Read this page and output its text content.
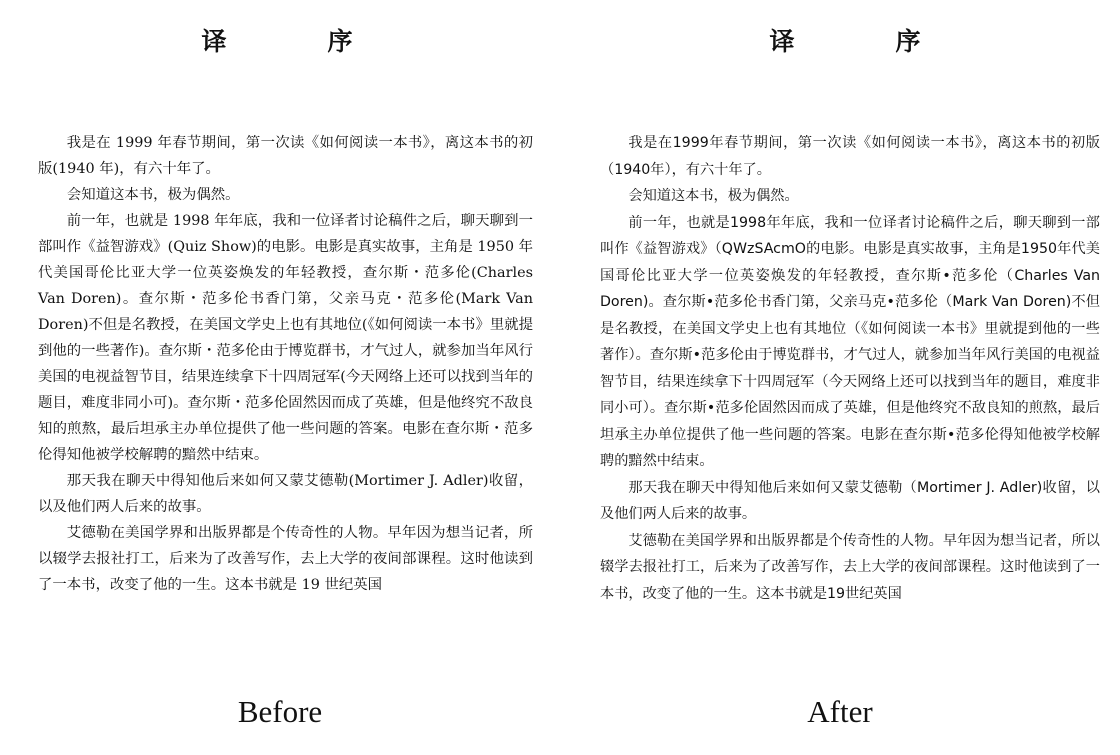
译　序

我是在 1999 年春节期间，第一次读《如何阅读一本书》，离这本书的初版(1940 年)，有六十年了。

会知道这本书，极为偶然。

前一年，也就是 1998 年年底，我和一位译者讨论稿件之后，聊天聊到一部叫作《益智游戏》(Quiz Show)的电影。电影是真实故事，主角是 1950 年代美国哥伦比亚大学一位英姿焕发的年轻教授，查尔斯・范多伦(Charles Van Doren)。查尔斯・范多伦书香门第，父亲马克・范多伦(Mark Van Doren)不但是名教授，在美国文学史上也有其地位(《如何阅读一本书》里就提到他的一些著作)。查尔斯・范多伦由于博览群书，才气过人，就参加当年风行美国的电视益智节目，结果连续拿下十四周冠军(今天网络上还可以找到当年的题目，难度非同小可)。查尔斯・范多伦固然因而成了英雄，但是他终究不敌良知的煎熬，最后坦承主办单位提供了他一些问题的答案。电影在查尔斯・范多伦得知他被学校解聘的黯然中结束。

那天我在聊天中得知他后来如何又蒙艾德勒(Mortimer J. Adler)收留，以及他们两人后来的故事。

艾德勒在美国学界和出版界都是个传奇性的人物。早年因为想当记者，所以辍学去报社打工，后来为了改善写作，去上大学的夜间部课程。这时他读到了一本书，改变了他的一生。这本书就是 19 世纪英国

译　序

我是在1999年春节期间，第一次读《如何阅读一本书》，离这本书的初版（1940年），有六十年了。

会知道这本书，极为偶然。

前一年，也就是1998年年底，我和一位译者讨论稿件之后，聊天聊到一部叫作《益智游戏》（QWzSAcmO的电影。电影是真实故事，主角是1950年代美国哥伦比亚大学一位英姿焕发的年轻教授，查尔斯•范多伦（Charles Van Doren)。查尔斯•范多伦书香门第，父亲马克•范多伦（Mark Van Doren)不但是名教授，在美国文学史上也有其地位（《如何阅读一本书》里就提到他的一些著作）。查尔斯•范多伦由于博览群书，才气过人，就参加当年风行美国的电视益智节目，结果连续拿下十四周冠军（今天网络上还可以找到当年的题目，难度非同小可）。查尔斯•范多伦固然因而成了英雄，但是他终究不敌良知的煎熬，最后坦承主办单位提供了他一些问题的答案。电影在查尔斯•范多伦得知他被学校解聘的黯然中结束。

那天我在聊天中得知他后来如何又蒙艾德勒（Mortimer J. Adler)收留，以及他们两人后来的故事。

艾德勒在美国学界和出版界都是个传奇性的人物。早年因为想当记者，所以辍学去报社打工，后来为了改善写作，去上大学的夜间部课程。这时他读到了一本书，改变了他的一生。这本书就是19世纪英国

Before	After
